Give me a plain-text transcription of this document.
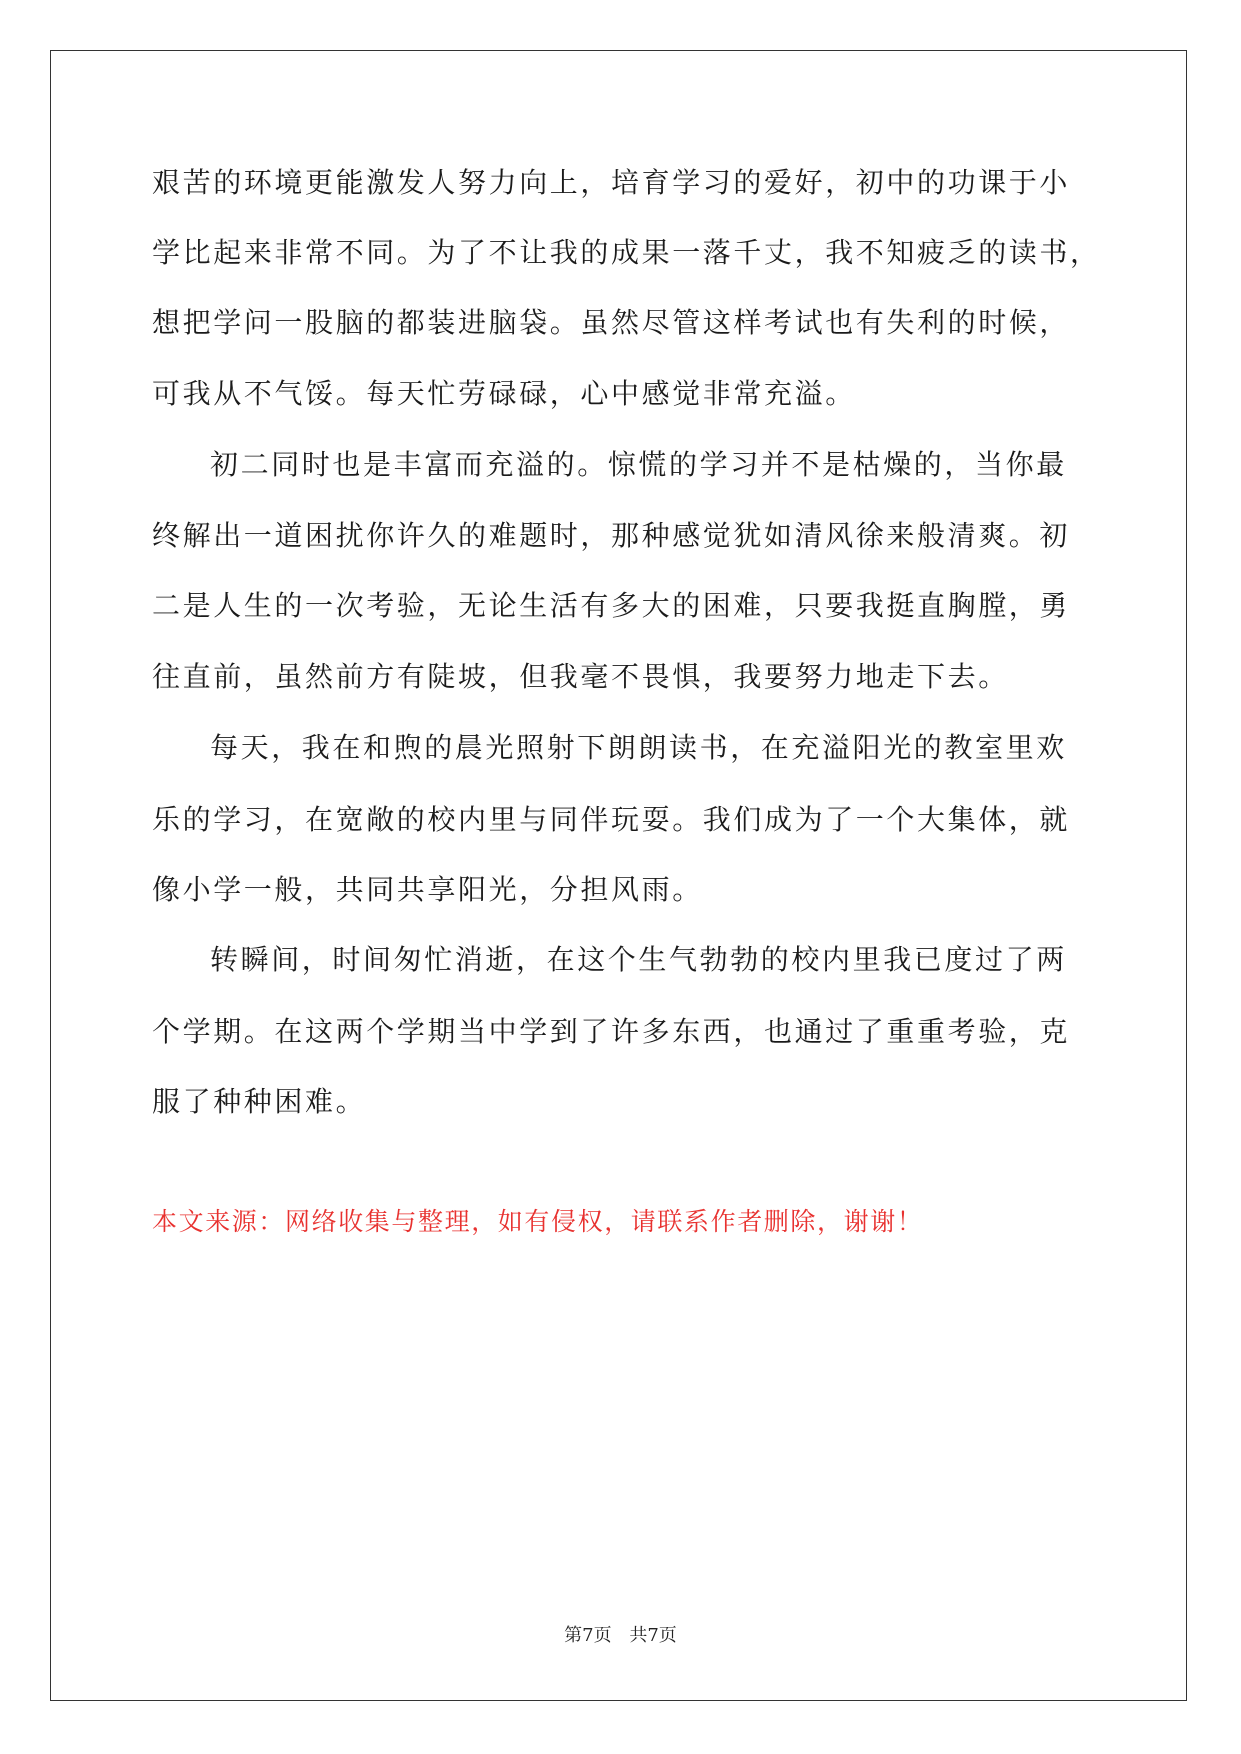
艰苦的环境更能激发人努力向上，培育学习的爱好，初中的功课于小
学比起来非常不同。为了不让我的成果一落千丈，我不知疲乏的读书，
想把学问一股脑的都装进脑袋。虽然尽管这样考试也有失利的时候，
可我从不气馁。每天忙劳碌碌，心中感觉非常充溢。
初二同时也是丰富而充溢的。惊慌的学习并不是枯燥的，当你最
终解出一道困扰你许久的难题时，那种感觉犹如清风徐来般清爽。初
二是人生的一次考验，无论生活有多大的困难，只要我挺直胸膛，勇
往直前，虽然前方有陡坡，但我毫不畏惧，我要努力地走下去。
每天，我在和煦的晨光照射下朗朗读书，在充溢阳光的教室里欢
乐的学习，在宽敞的校内里与同伴玩耍。我们成为了一个大集体，就
像小学一般，共同共享阳光，分担风雨。
转瞬间，时间匆忙消逝，在这个生气勃勃的校内里我已度过了两
个学期。在这两个学期当中学到了许多东西，也通过了重重考验，克
服了种种困难。
本文来源：网络收集与整理，如有侵权，请联系作者删除，谢谢！
第7页 共7页
